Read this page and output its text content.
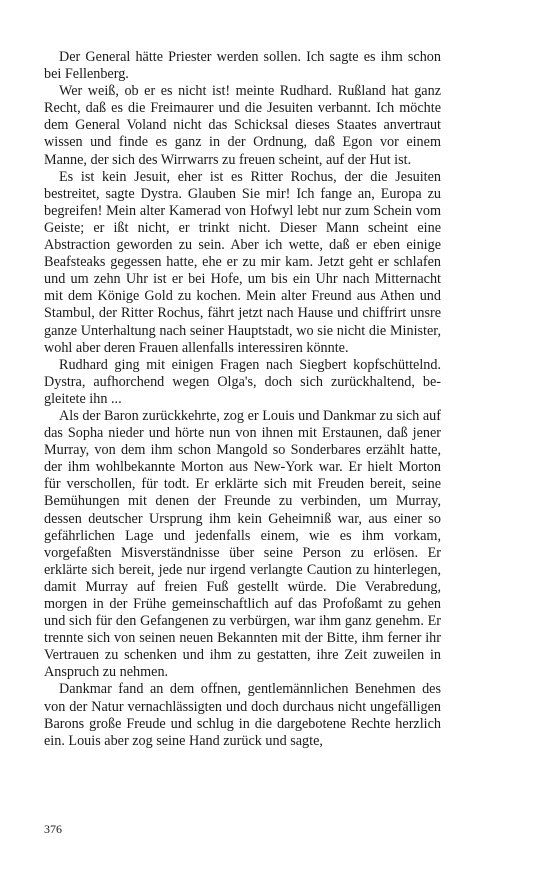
Der General hätte Priester werden sollen. Ich sagte es ihm schon bei Fellenberg.

Wer weiß, ob er es nicht ist! meinte Rudhard. Rußland hat ganz Recht, daß es die Freimaurer und die Jesuiten verbannt. Ich möchte dem General Voland nicht das Schicksal dieses Staates anvertraut wissen und finde es ganz in der Ordnung, daß Egon vor einem Manne, der sich des Wirrwarrs zu freuen scheint, auf der Hut ist.

Es ist kein Jesuit, eher ist es Ritter Rochus, der die Jesuiten bestreitet, sagte Dystra. Glauben Sie mir! Ich fange an, Europa zu begreifen! Mein alter Kamerad von Hofwyl lebt nur zum Schein vom Geiste; er ißt nicht, er trinkt nicht. Dieser Mann scheint eine Abstraction geworden zu sein. Aber ich wette, daß er eben einige Beafsteaks gegessen hatte, ehe er zu mir kam. Jetzt geht er schlafen und um zehn Uhr ist er bei Hofe, um bis ein Uhr nach Mitternacht mit dem Könige Gold zu kochen. Mein alter Freund aus Athen und Stambul, der Ritter Rochus, fährt jetzt nach Hause und chiffrirt unsre ganze Unterhaltung nach seiner Hauptstadt, wo sie nicht die Minister, wohl aber deren Frauen allenfalls interessiren könnte.

Rudhard ging mit einigen Fragen nach Siegbert kopfschüttelnd. Dystra, aufhorchend wegen Olga's, doch sich zurückhaltend, begleitete ihn ...

Als der Baron zurückkehrte, zog er Louis und Dankmar zu sich auf das Sopha nieder und hörte nun von ihnen mit Erstaunen, daß jener Murray, von dem ihm schon Mangold so Sonderbares erzählt hatte, der ihm wohlbekannte Morton aus New-York war. Er hielt Morton für verschollen, für todt. Er erklärte sich mit Freuden bereit, seine Bemühungen mit denen der Freunde zu verbinden, um Murray, dessen deutscher Ursprung ihm kein Geheimniß war, aus einer so gefährlichen Lage und jedenfalls einem, wie es ihm vorkam, vorgefaßten Misverständnisse über seine Person zu erlösen. Er erklärte sich bereit, jede nur irgend verlangte Caution zu hinterlegen, damit Murray auf freien Fuß gestellt würde. Die Verabredung, morgen in der Frühe gemeinschaftlich auf das Profoßamt zu gehen und sich für den Gefangenen zu verbürgen, war ihm ganz genehm. Er trennte sich von seinen neuen Bekannten mit der Bitte, ihm ferner ihr Vertrauen zu schenken und ihm zu gestatten, ihre Zeit zuweilen in Anspruch zu nehmen.

Dankmar fand an dem offnen, gentlemännlichen Benehmen des von der Natur vernachlässigten und doch durchaus nicht ungefälligen Barons große Freude und schlug in die dargebotene Rechte herzlich ein. Louis aber zog seine Hand zurück und sagte,

376
